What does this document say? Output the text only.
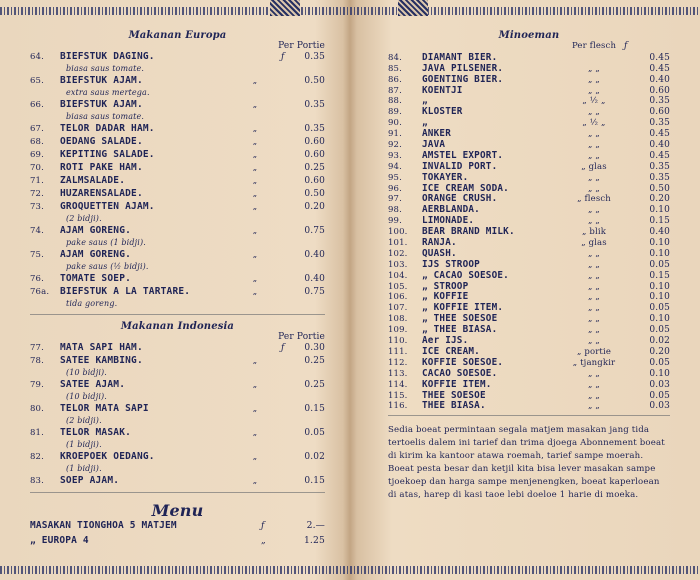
Makanan Europa
Per Portie
64.	BIEFSTUK DAGING.	ƒ	0.35
biasa saus tomate.
65.	BIEFSTUK AJAM.	„	0.50
extra saus mertega.
66.	BIEFSTUK AJAM.	„	0.35
biasa saus tomate.
67.	TELOR DADAR HAM.	„	0.35
68.	OEDANG SALADE.	„	0.60
69.	KEPITING SALADE.	„	0.60
70.	ROTI PAKE HAM.	„	0.25
71.	ZALMSALADE.	„	0.60
72.	HUZARENSALADE.	„	0.50
73.	GROQUETTEN AJAM.	„	0.20
(2 bidji).
74.	AJAM GORENG.	„	0.75
pake saus (1 bidji).
75.	AJAM GORENG.	„	0.40
pake saus (½ bidji).
76.	TOMATE SOEP.	„	0.40
76a.	BIEFSTUK A LA TARTARE.	„	0.75
tida goreng.
Makanan Indonesia
Per Portie
77.	MATA SAPI HAM.	ƒ	0.30
78.	SATEE KAMBING.	„	0.25
(10 bidji).
79.	SATEE AJAM.	„	0.25
(10 bidji).
80.	TELOR MATA SAPI	„	0.15
(2 bidji).
81.	TELOR MASAK.	„	0.05
(1 bidji).
82.	KROEPOEK OEDANG.	„	0.02
(1 bidji).
83.	SOEP AJAM.	„	0.15
Menu
MASAKAN TIONGHOA 5 MATJEM	ƒ	2.—
„ EUROPA 4	„	1.25
Minoeman
Per flesch ƒ
84.	DIAMANT BIER.	0.45
85.	JAVA PILSENER.	„ „	0.45
86.	GOENTING BIER.	„ „	0.40
87.	KOENTJI	„ „	0.60
88.	„	„ ½ „	0.35
89.	KLOSTER	„ „	0.60
90.	„	„ ½ „	0.35
91.	ANKER	„ „	0.45
92.	JAVA	„ „	0.40
93.	AMSTEL EXPORT.	„ „	0.45
94.	INVALID PORT.	„ glas	0.35
95.	TOKAYER.	„ „	0.35
96.	ICE CREAM SODA.	„ „	0.50
97.	ORANGE CRUSH.	„ flesch	0.20
98.	AERBLANDA.	„ „	0.10
99.	LIMONADE.	„ „	0.15
100.	BEAR BRAND MILK.	„ blik	0.40
101.	RANJA.	„ glas	0.10
102.	QUASH.	„ „	0.10
103.	IJS STROOP	„ „	0.05
104.	„ CACAO SOESOE.	„ „	0.15
105.	„ STROOP	„ „	0.10
106.	„ KOFFIE	„ „	0.10
107.	„ KOFFIE ITEM.	„ „	0.05
108.	„ THEE SOESOE	„ „	0.10
109.	„ THEE BIASA.	„ „	0.05
110.	Aer IJS.	„ „	0.02
111.	ICE CREAM.	„ portie	0.20
112.	KOFFIE SOESOE.	„ tjangkir	0.05
113.	CACAO SOESOE.	„ „	0.10
114.	KOFFIE ITEM.	„ „	0.03
115.	THEE SOESOE	„ „	0.05
116.	THEE BIASA.	„ „	0.03

Sedia boeat permintaan segala matjem masakan jang tida tertoelis dalem ini tarief dan trima djoega Abonnement boeat di kirim ka kantoor atawa roemah, tarief sampe moerah.

Boeat pesta besar dan ketjil kita bisa lever masakan sampe tjoekoep dan harga sampe menjenengken, boeat kaperloean di atas, harep di kasi taoe lebi doeloe 1 harie di moeka.
